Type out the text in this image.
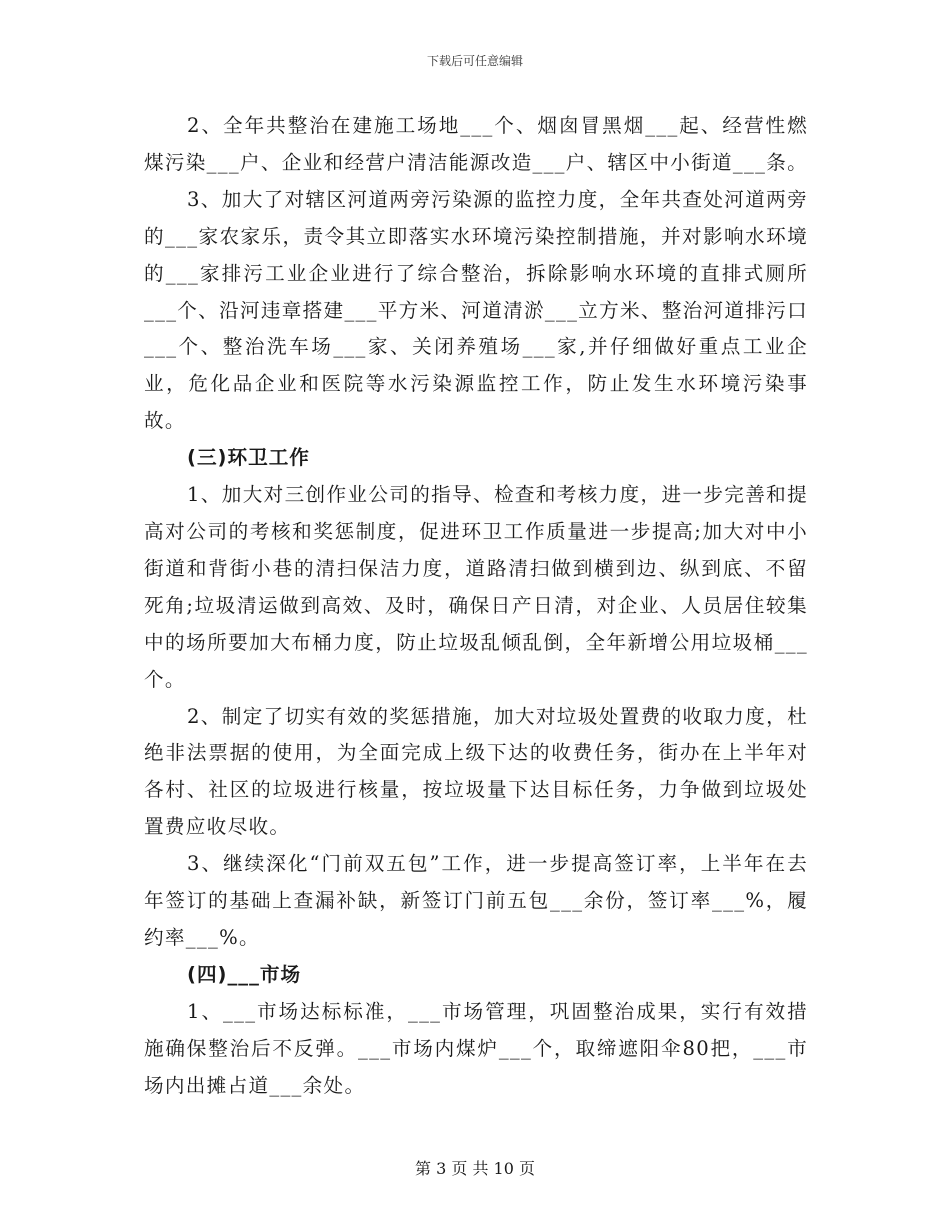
下载后可任意编辑

2、全年共整治在建施工场地___个、烟囱冒黑烟___起、经营性燃煤污染___户、企业和经营户清洁能源改造___户、辖区中小街道___条。

3、加大了对辖区河道两旁污染源的监控力度，全年共查处河道两旁的___家农家乐，责令其立即落实水环境污染控制措施，并对影响水环境的___家排污工业企业进行了综合整治，拆除影响水环境的直排式厕所___个、沿河违章搭建___平方米、河道清淤___立方米、整治河道排污口___个、整治洗车场___家、关闭养殖场___家,并仔细做好重点工业企业，危化品企业和医院等水污染源监控工作，防止发生水环境污染事故。

(三)环卫工作

1、加大对三创作业公司的指导、检查和考核力度，进一步完善和提高对公司的考核和奖惩制度，促进环卫工作质量进一步提高;加大对中小街道和背街小巷的清扫保洁力度，道路清扫做到横到边、纵到底、不留死角;垃圾清运做到高效、及时，确保日产日清，对企业、人员居住较集中的场所要加大布桶力度，防止垃圾乱倾乱倒，全年新增公用垃圾桶___个。

2、制定了切实有效的奖惩措施，加大对垃圾处置费的收取力度，杜绝非法票据的使用，为全面完成上级下达的收费任务，街办在上半年对各村、社区的垃圾进行核量，按垃圾量下达目标任务，力争做到垃圾处置费应收尽收。

3、继续深化“门前双五包”工作，进一步提高签订率，上半年在去年签订的基础上查漏补缺，新签订门前五包___余份，签订率___%，履约率___%。

(四)___市场

1、___市场达标标准，___市场管理，巩固整治成果，实行有效措施确保整治后不反弹。___市场内煤炉___个，取缔遮阳伞80把，___市场内出摊占道___余处。

第 3 页 共 10 页
